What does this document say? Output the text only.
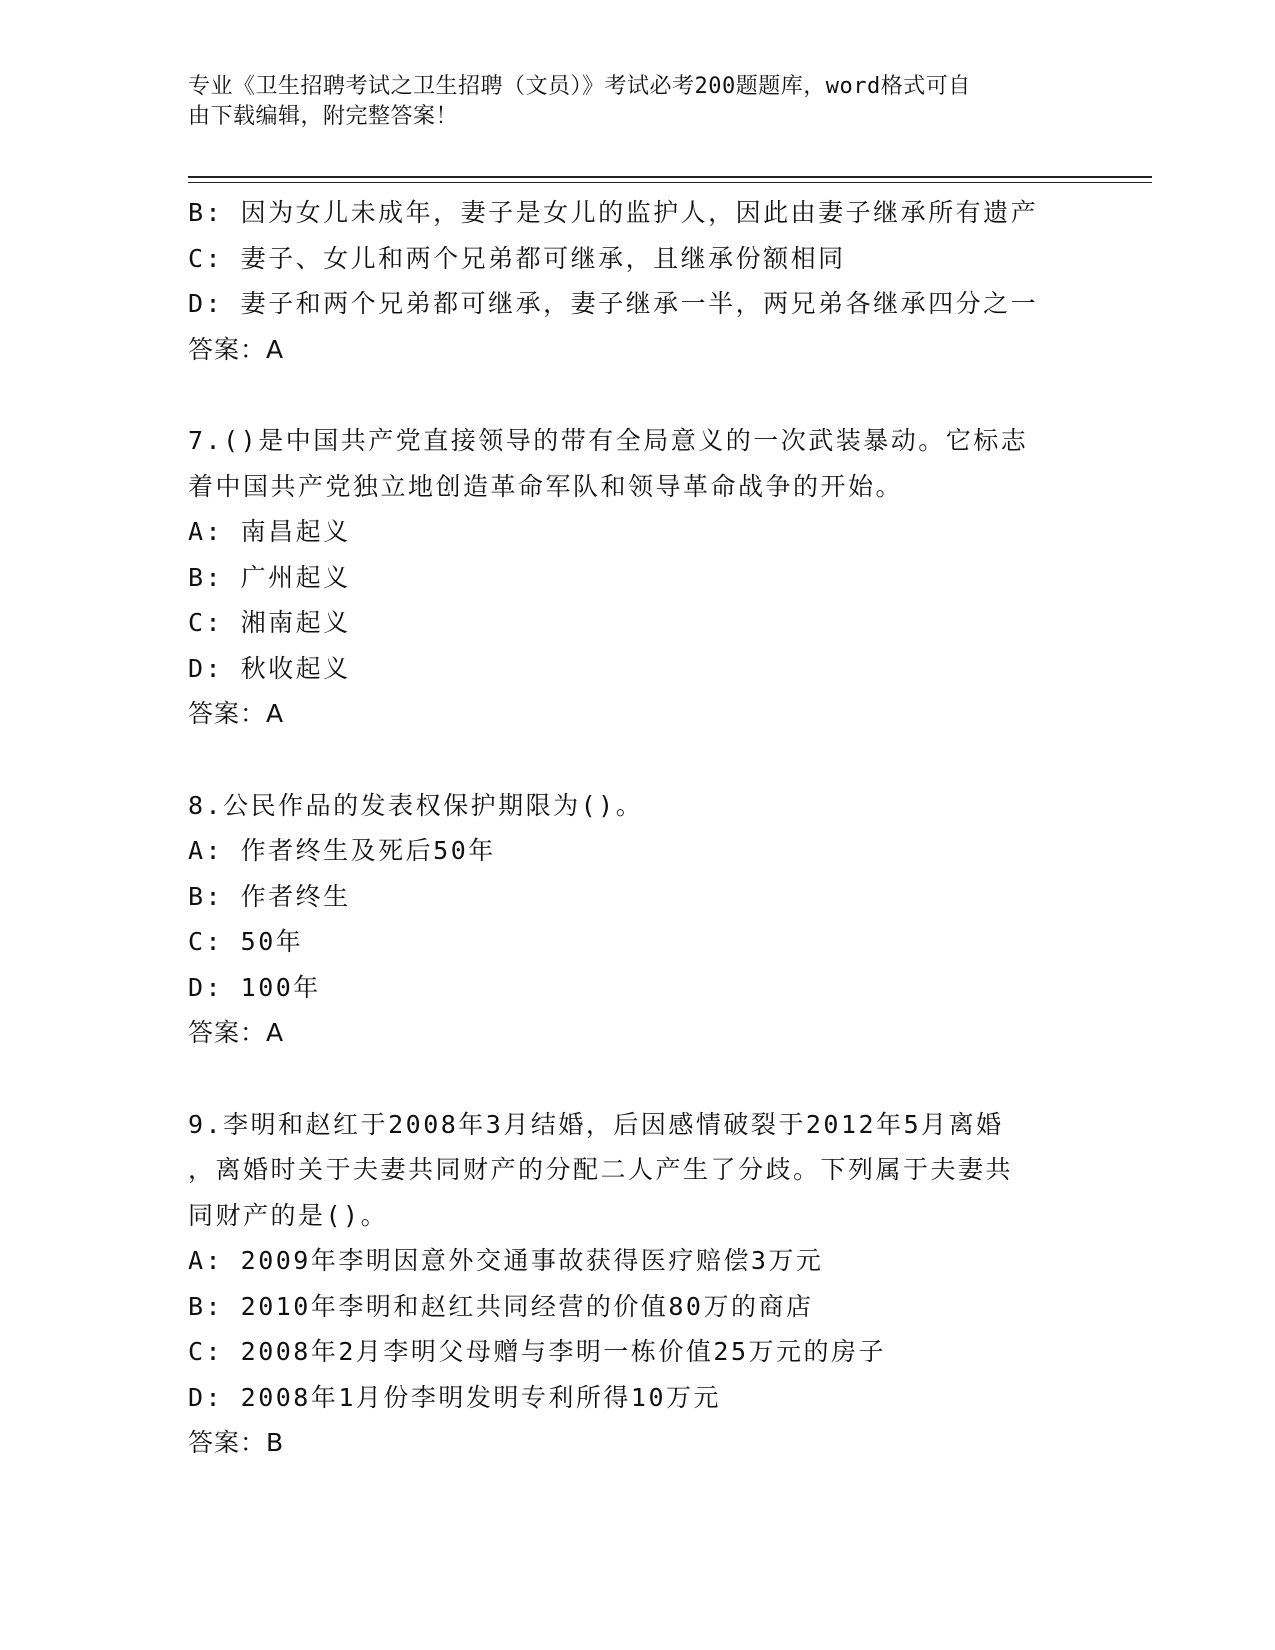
专业《卫生招聘考试之卫生招聘（文员）》考试必考200题题库，word格式可自
由下载编辑，附完整答案！
B: 因为女儿未成年，妻子是女儿的监护人，因此由妻子继承所有遗产
C: 妻子、女儿和两个兄弟都可继承，且继承份额相同
D: 妻子和两个兄弟都可继承，妻子继承一半，两兄弟各继承四分之一
答案：A
7.()是中国共产党直接领导的带有全局意义的一次武装暴动。它标志
着中国共产党独立地创造革命军队和领导革命战争的开始。
A: 南昌起义
B: 广州起义
C: 湘南起义
D: 秋收起义
答案：A
8.公民作品的发表权保护期限为()。
A: 作者终生及死后50年
B: 作者终生
C: 50年
D: 100年
答案：A
9.李明和赵红于2008年3月结婚，后因感情破裂于2012年5月离婚
，离婚时关于夫妻共同财产的分配二人产生了分歧。下列属于夫妻共
同财产的是()。
A: 2009年李明因意外交通事故获得医疗赔偿3万元
B: 2010年李明和赵红共同经营的价值80万的商店
C: 2008年2月李明父母赠与李明一栋价值25万元的房子
D: 2008年1月份李明发明专利所得10万元
答案：B
